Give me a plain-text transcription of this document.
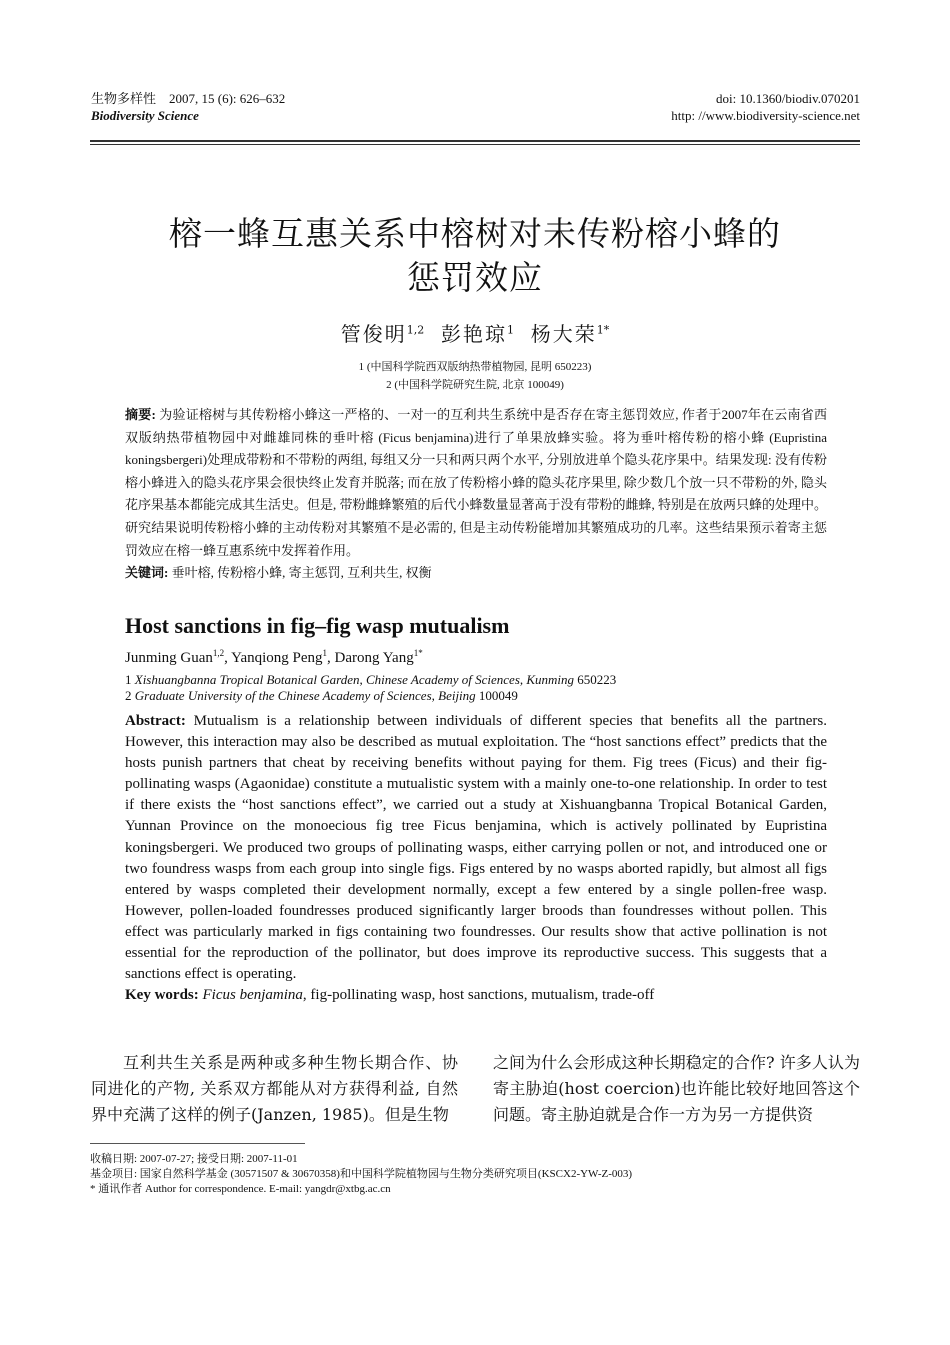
生物多样性 2007, 15 (6): 626–632
Biodiversity Science
doi: 10.1360/biodiv.070201
http: //www.biodiversity-science.net
榕一蜂互惠关系中榕树对未传粉榕小蜂的
惩罚效应
管俊明$^{1,2}$ 彭艳琼$^1$ 杨大荣$^{1*}$
1 (中国科学院西双版纳热带植物园, 昆明 650223)
2 (中国科学院研究生院, 北京 100049)
摘要: 为验证榕树与其传粉榕小蜂这一严格的、一对一的互利共生系统中是否存在寄主惩罚效应, 作者于2007年在云南省西双版纳热带植物园中对雌雄同株的垂叶榕 (Ficus benjamina)进行了单果放蜂实验。将为垂叶榕传粉的榕小蜂 (Eupristina koningsbergeri)处理成带粉和不带粉的两组, 每组又分一只和两只两个水平, 分别放进单个隐头花序果中。结果发现: 没有传粉榕小蜂进入的隐头花序果会很快终止发育并脱落; 而在放了传粉榕小蜂的隐头花序果里, 除少数几个放一只不带粉的外, 隐头花序果基本都能完成其生活史。但是, 带粉雌蜂繁殖的后代小蜂数量显著高于没有带粉的雌蜂, 特别是在放两只蜂的处理中。研究结果说明传粉榕小蜂的主动传粉对其繁殖不是必需的, 但是主动传粉能增加其繁殖成功的几率。这些结果预示着寄主惩罚效应在榕一蜂互惠系统中发挥着作用。
关键词: 垂叶榕, 传粉榕小蜂, 寄主惩罚, 互利共生, 权衡
Host sanctions in fig–fig wasp mutualism
Junming Guan$^{1,2}$, Yanqiong Peng$^1$, Darong Yang$^{1*}$
1 Xishuangbanna Tropical Botanical Garden, Chinese Academy of Sciences, Kunming 650223
2 Graduate University of the Chinese Academy of Sciences, Beijing 100049
Abstract: Mutualism is a relationship between individuals of different species that benefits all the partners. However, this interaction may also be described as mutual exploitation. The “host sanctions effect” predicts that the hosts punish partners that cheat by receiving benefits without paying for them. Fig trees (Ficus) and their fig-pollinating wasps (Agaonidae) constitute a mutualistic system with a mainly one-to-one relationship. In order to test if there exists the “host sanctions effect”, we carried out a study at Xishuangbanna Tropical Botanical Garden, Yunnan Province on the monoecious fig tree Ficus benjamina, which is actively pollinated by Eupristina koningsbergeri. We produced two groups of pollinating wasps, either carrying pollen or not, and introduced one or two foundress wasps from each group into single figs. Figs entered by no wasps aborted rapidly, but almost all figs entered by wasps completed their development normally, except a few entered by a single pollen-free wasp. However, pollen-loaded foundresses produced significantly larger broods than foundresses without pollen. This effect was particularly marked in figs containing two foundresses. Our results show that active pollination is not essential for the reproduction of the pollinator, but does improve its reproductive success. This suggests that a sanctions effect is operating.
Key words: Ficus benjamina, fig-pollinating wasp, host sanctions, mutualism, trade-off
互利共生关系是两种或多种生物长期合作、协同进化的产物, 关系双方都能从对方获得利益, 自然界中充满了这样的例子(Janzen, 1985)。但是生物
之间为什么会形成这种长期稳定的合作? 许多人认为寄主胁迫(host coercion)也许能比较好地回答这个问题。寄主胁迫就是合作一方为另一方提供资
收稿日期: 2007-07-27; 接受日期: 2007-11-01
基金项目: 国家自然科学基金 (30571507 & 30670358)和中国科学院植物园与生物分类研究项目(KSCX2-YW-Z-003)
* 通讯作者 Author for correspondence. E-mail: yangdr@xtbg.ac.cn
